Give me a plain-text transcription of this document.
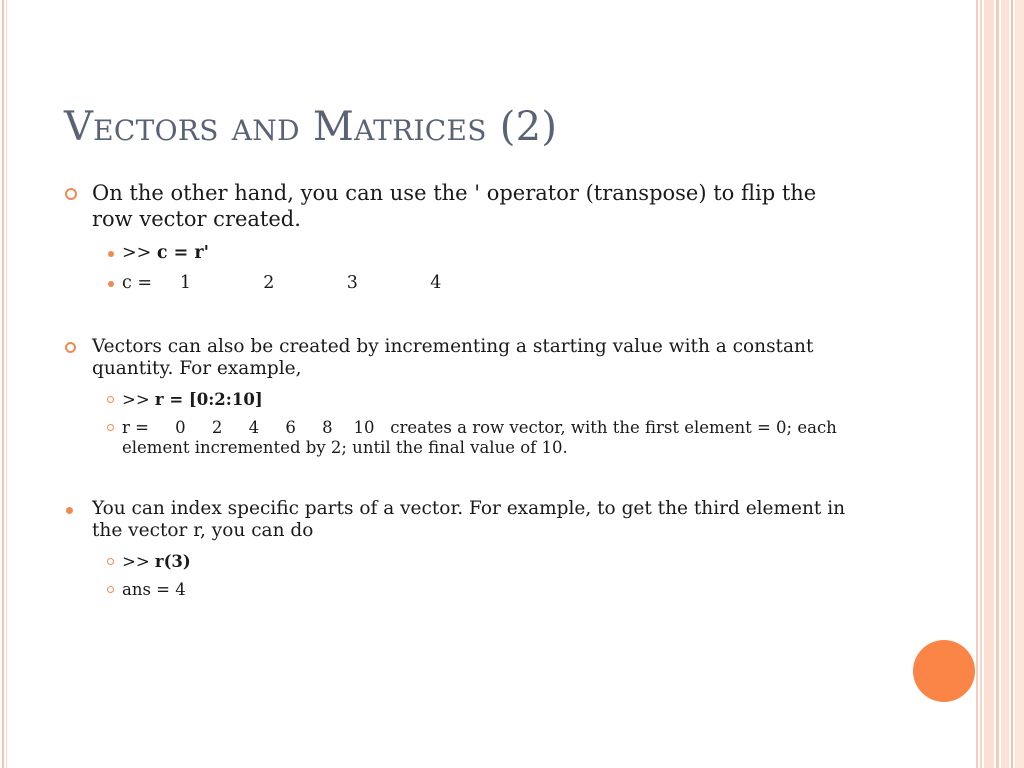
Vectors and Matrices (2)
On the other hand, you can use the ' operator (transpose) to flip the row vector created.
>> c = r'
c =     1             2             3             4
Vectors can also be created by incrementing a starting value with a constant quantity. For example,
>> r = [0:2:10]
r =     0     2     4     6     8    10   creates a row vector, with the first element = 0; each element incremented by 2; until the final value of 10.
You can index specific parts of a vector. For example, to get the third element in the vector r, you can do
>> r(3)
ans = 4
